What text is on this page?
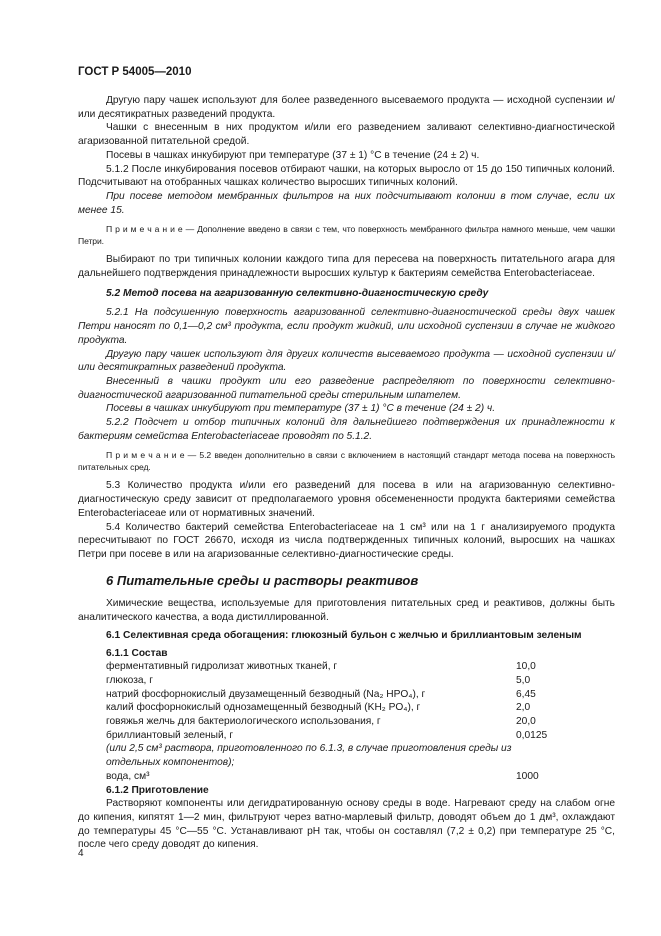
ГОСТ Р 54005—2010

Другую пару чашек используют для более разведенного высеваемого продукта — исходной суспензии и/или десятикратных разведений продукта.

Чашки с внесенным в них продуктом и/или его разведением заливают селективно-диагностической агаризованной питательной средой.

Посевы в чашках инкубируют при температуре (37 ± 1) °С в течение (24 ± 2) ч.

5.1.2 После инкубирования посевов отбирают чашки, на которых выросло от 15 до 150 типичных колоний. Подсчитывают на отобранных чашках количество выросших типичных колоний.

При посеве методом мембранных фильтров на них подсчитывают колонии в том случае, если их менее 15.

П р и м е ч а н и е — Дополнение введено в связи с тем, что поверхность мембранного фильтра намного меньше, чем чашки Петри.

Выбирают по три типичных колонии каждого типа для пересева на поверхность питательного агара для дальнейшего подтверждения принадлежности выросших культур к бактериям семейства Enterobacteriaceae.

5.2 Метод посева на агаризованную селективно-диагностическую среду

5.2.1 На подсушенную поверхность агаризованной селективно-диагностической среды двух чашек Петри наносят по 0,1—0,2 см³ продукта, если продукт жидкий, или исходной суспензии в случае не жидкого продукта.

Другую пару чашек используют для других количеств высеваемого продукта — исходной суспензии и/или десятикратных разведений продукта.

Внесенный в чашки продукт или его разведение распределяют по поверхности селективно-диагностической агаризованной питательной среды стерильным шпателем.

Посевы в чашках инкубируют при температуре (37 ± 1) °С в течение (24 ± 2) ч.

5.2.2 Подсчет и отбор типичных колоний для дальнейшего подтверждения их принадлежности к бактериям семейства Enterobacteriaceae проводят по 5.1.2.

П р и м е ч а н и е — 5.2 введен дополнительно в связи с включением в настоящий стандарт метода посева на поверхность питательных сред.

5.3 Количество продукта и/или его разведений для посева в или на агаризованную селективно-диагностическую среду зависит от предполагаемого уровня обсемененности продукта бактериями семейства Enterobacteriaceae или от нормативных значений.

5.4 Количество бактерий семейства Enterobacteriaceae на 1 см³ или на 1 г анализируемого продукта пересчитывают по ГОСТ 26670, исходя из числа подтвержденных типичных колоний, выросших на чашках Петри при посеве в или на агаризованные селективно-диагностические среды.

6 Питательные среды и растворы реактивов

Химические вещества, используемые для приготовления питательных сред и реактивов, должны быть аналитического качества, а вода дистиллированной.

6.1 Селективная среда обогащения: глюкозный бульон с желчью и бриллиантовым зеленым

6.1.1 Состав

ферментативный гидролизат животных тканей, г	10,0
глюкоза, г	5,0
натрий фосфорнокислый двузамещенный безводный (Na₂ HPO₄), г	6,45
калий фосфорнокислый однозамещенный безводный (KH₂ PO₄), г	2,0
говяжья желчь для бактериологического использования, г	20,0
бриллиантовый зеленый, г	0,0125
(или 2,5 см³ раствора, приготовленного по 6.1.3, в случае приготовления среды из отдельных компонентов);
вода, см³	1000

6.1.2 Приготовление

Растворяют компоненты или дегидратированную основу среды в воде. Нагревают среду на слабом огне до кипения, кипятят 1—2 мин, фильтруют через ватно-марлевый фильтр, доводят объем до 1 дм³, охлаждают до температуры 45 °С—55 °С. Устанавливают рН так, чтобы он составлял (7,2 ± 0,2) при температуре 25 °С, после чего среду доводят до кипения.

4
